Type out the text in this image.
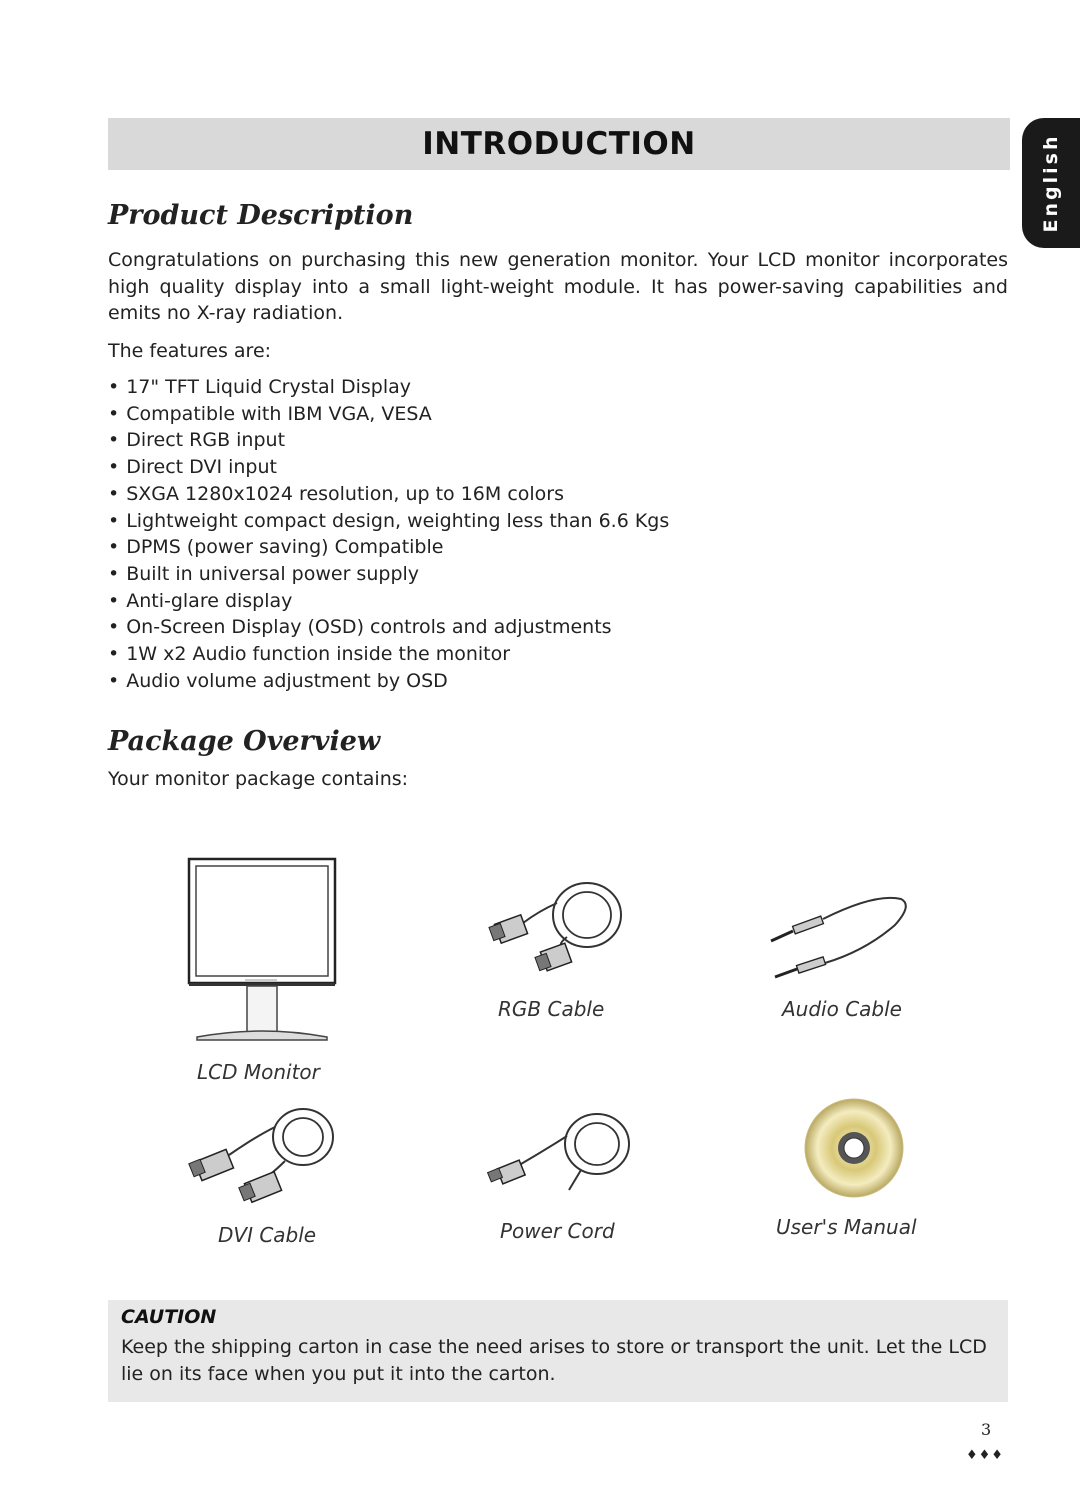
INTRODUCTION	English
Product Description

Congratulations on purchasing this new generation monitor. Your LCD monitor incorporates high quality display into a small light-weight module. It has power-saving capabilities and emits no X-ray radiation.

The features are:

• 17" TFT Liquid Crystal Display
• Compatible with IBM VGA, VESA
• Direct RGB input
• Direct DVI input
• SXGA 1280x1024 resolution, up to 16M colors
• Lightweight compact design, weighting less than 6.6 Kgs
• DPMS (power saving) Compatible
• Built in universal power supply
• Anti-glare display
• On-Screen Display (OSD) controls and adjustments
• 1W x2 Audio function inside the monitor
• Audio volume adjustment by OSD
Package Overview

Your monitor package contains:

LCD Monitor
RGB Cable	Audio Cable
DVI Cable	Power Cord	User's Manual
CAUTION

Keep the shipping carton in case the need arises to store or transport the unit. Let the LCD lie on its face when you put it into the carton.

3
♦♦♦
